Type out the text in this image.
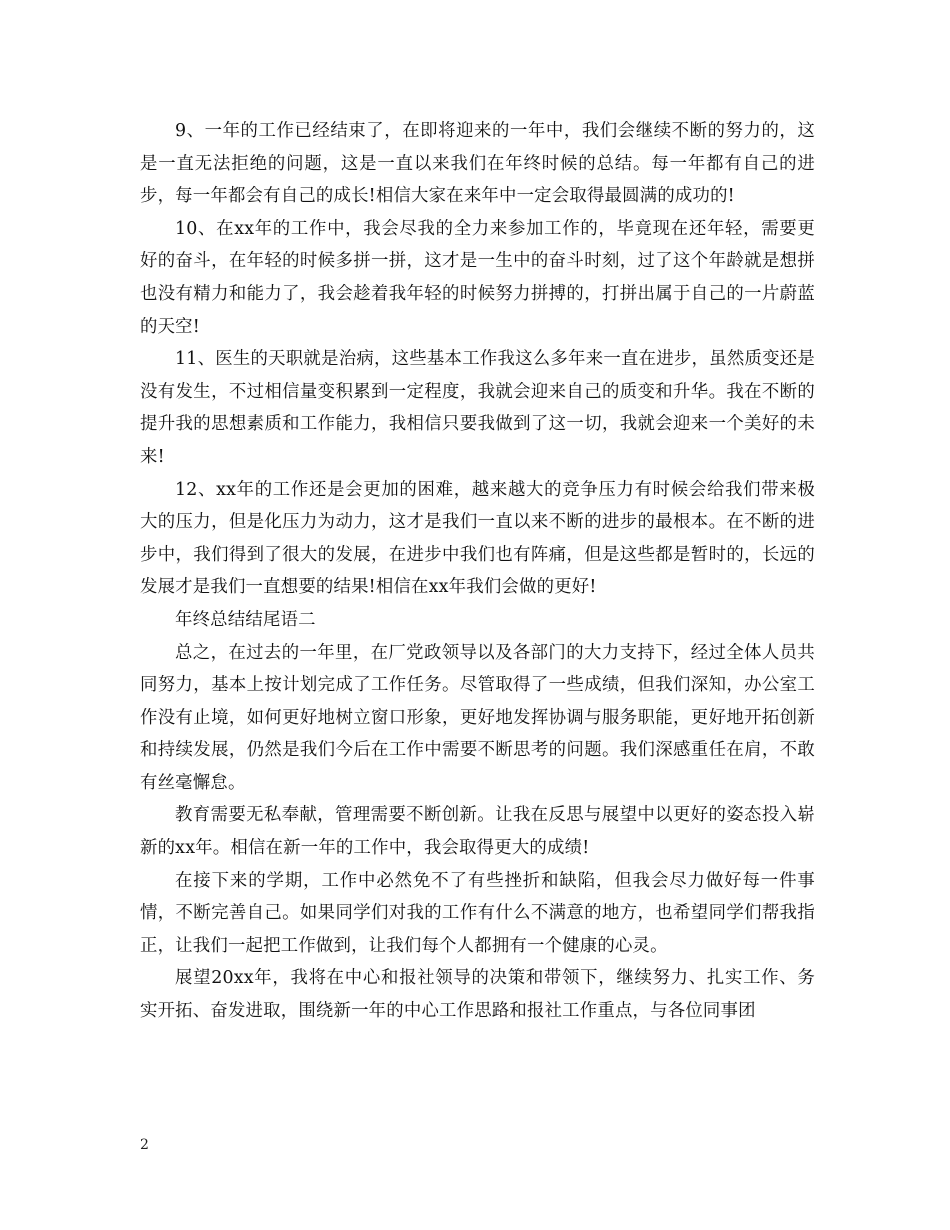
9、一年的工作已经结束了，在即将迎来的一年中，我们会继续不断的努力的，这是一直无法拒绝的问题，这是一直以来我们在年终时候的总结。每一年都有自己的进步，每一年都会有自己的成长!相信大家在来年中一定会取得最圆满的成功的!

10、在xx年的工作中，我会尽我的全力来参加工作的，毕竟现在还年轻，需要更好的奋斗，在年轻的时候多拼一拼，这才是一生中的奋斗时刻，过了这个年龄就是想拼也没有精力和能力了，我会趁着我年轻的时候努力拼搏的，打拼出属于自己的一片蔚蓝的天空!

11、医生的天职就是治病，这些基本工作我这么多年来一直在进步，虽然质变还是没有发生，不过相信量变积累到一定程度，我就会迎来自己的质变和升华。我在不断的提升我的思想素质和工作能力，我相信只要我做到了这一切，我就会迎来一个美好的未来!

12、xx年的工作还是会更加的困难，越来越大的竞争压力有时候会给我们带来极大的压力，但是化压力为动力，这才是我们一直以来不断的进步的最根本。在不断的进步中，我们得到了很大的发展，在进步中我们也有阵痛，但是这些都是暂时的，长远的发展才是我们一直想要的结果!相信在xx年我们会做的更好!

年终总结结尾语二

总之，在过去的一年里，在厂党政领导以及各部门的大力支持下，经过全体人员共同努力，基本上按计划完成了工作任务。尽管取得了一些成绩，但我们深知，办公室工作没有止境，如何更好地树立窗口形象，更好地发挥协调与服务职能，更好地开拓创新和持续发展，仍然是我们今后在工作中需要不断思考的问题。我们深感重任在肩，不敢有丝毫懈怠。

教育需要无私奉献，管理需要不断创新。让我在反思与展望中以更好的姿态投入崭新的xx年。相信在新一年的工作中，我会取得更大的成绩!

在接下来的学期，工作中必然免不了有些挫折和缺陷，但我会尽力做好每一件事情，不断完善自己。如果同学们对我的工作有什么不满意的地方，也希望同学们帮我指正，让我们一起把工作做到，让我们每个人都拥有一个健康的心灵。

展望20xx年，我将在中心和报社领导的决策和带领下，继续努力、扎实工作、务实开拓、奋发进取，围绕新一年的中心工作思路和报社工作重点，与各位同事团

2
